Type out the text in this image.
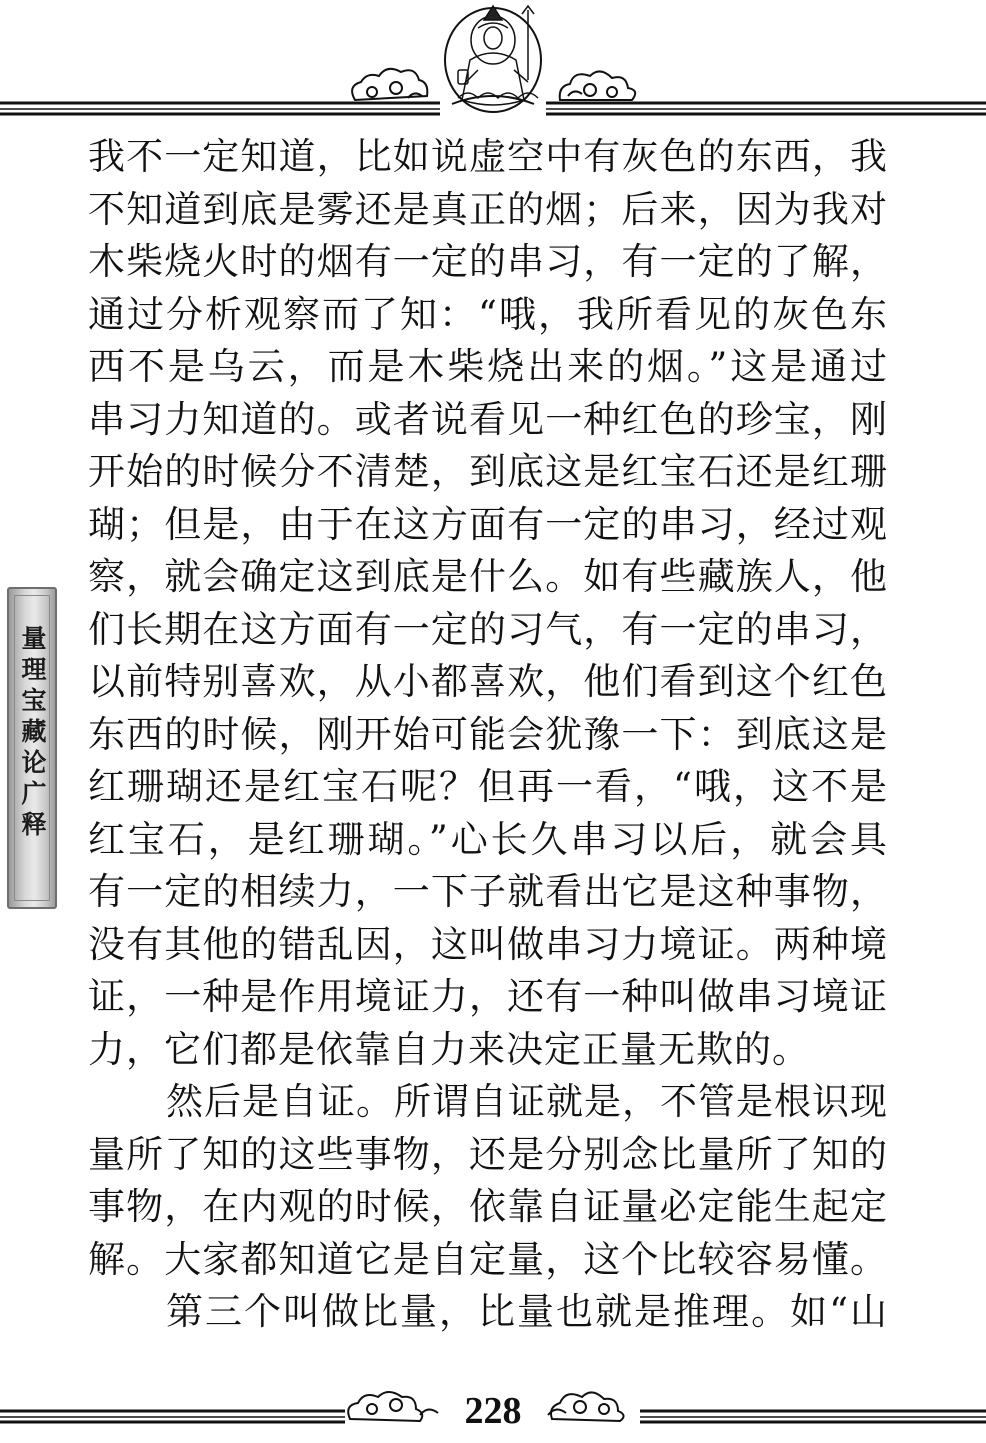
量理宝藏论广释
我不一定知道，比如说虚空中有灰色的东西，我
不知道到底是雾还是真正的烟；后来，因为我对
木柴烧火时的烟有一定的串习，有一定的了解，
通过分析观察而了知：“哦，我所看见的灰色东
西不是乌云，而是木柴烧出来的烟。”这是通过
串习力知道的。或者说看见一种红色的珍宝，刚
开始的时候分不清楚，到底这是红宝石还是红珊
瑚；但是，由于在这方面有一定的串习，经过观
察，就会确定这到底是什么。如有些藏族人，他
们长期在这方面有一定的习气，有一定的串习，
以前特别喜欢，从小都喜欢，他们看到这个红色
东西的时候，刚开始可能会犹豫一下：到底这是
红珊瑚还是红宝石呢？但再一看，“哦，这不是
红宝石，是红珊瑚。”心长久串习以后，就会具
有一定的相续力，一下子就看出它是这种事物，
没有其他的错乱因，这叫做串习力境证。两种境
证，一种是作用境证力，还有一种叫做串习境证
力，它们都是依靠自力来决定正量无欺的。
然后是自证。所谓自证就是，不管是根识现
量所了知的这些事物，还是分别念比量所了知的
事物，在内观的时候，依靠自证量必定能生起定
解。大家都知道它是自定量，这个比较容易懂。
第三个叫做比量，比量也就是推理。如“山
228
